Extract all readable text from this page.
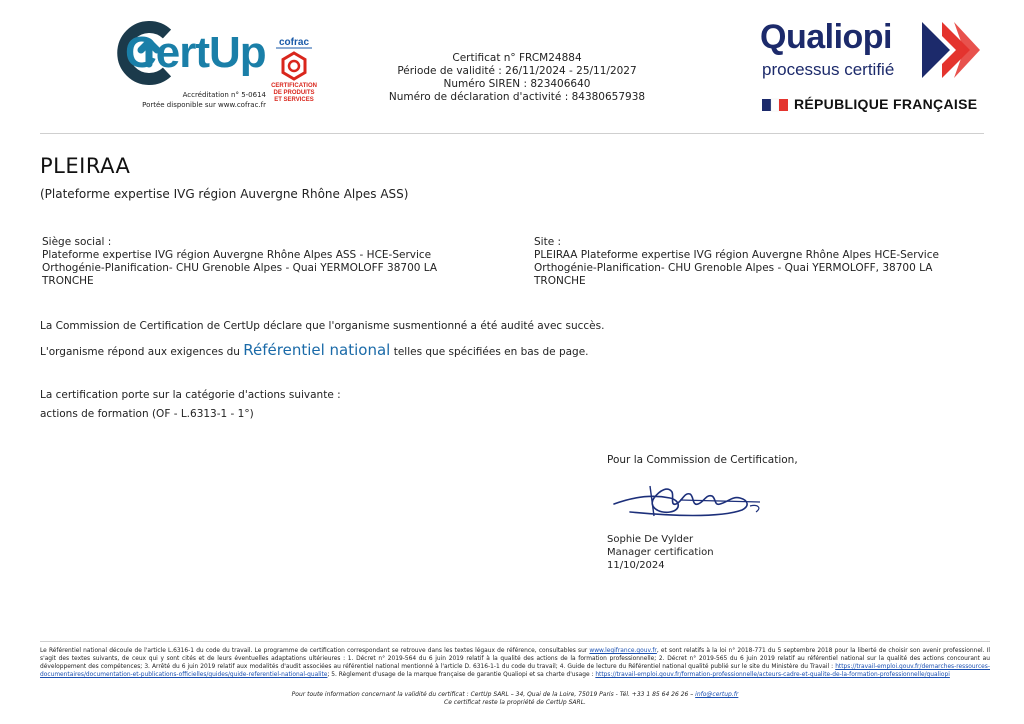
CertUp
Accréditation n° 5-0614
Portée disponible sur www.cofrac.fr
cofrac
CERTIFICATION
DE PRODUITS
ET SERVICES
Certificat n° FRCM24884
Période de validité : 26/11/2024 - 25/11/2027
Numéro SIREN : 823406640
Numéro de déclaration d'activité : 84380657938
Qualiopi
processus certifié
RÉPUBLIQUE FRANÇAISE
PLEIRAA
(Plateforme expertise IVG région Auvergne Rhône Alpes ASS)
Siège social :
Plateforme expertise IVG région Auvergne Rhône Alpes ASS - HCE-Service
Orthogénie-Planification- CHU Grenoble Alpes - Quai YERMOLOFF 38700 LA
TRONCHE
Site :
PLEIRAA Plateforme expertise IVG région Auvergne Rhône Alpes HCE-Service
Orthogénie-Planification- CHU Grenoble Alpes - Quai YERMOLOFF, 38700 LA
TRONCHE
La Commission de Certification de CertUp déclare que l'organisme susmentionné a été audité avec succès.
L'organisme répond aux exigences du Référentiel national telles que spécifiées en bas de page.
La certification porte sur la catégorie d'actions suivante :
actions de formation (OF - L.6313-1 - 1°)
Pour la Commission de Certification,
Sophie De Vylder
Manager certification
11/10/2024
Le Référentiel national découle de l'article L.6316-1 du code du travail. Le programme de certification correspondant se retrouve dans les textes légaux de référence, consultables sur www.legifrance.gouv.fr, et sont relatifs à la loi n° 2018-771 du 5 septembre 2018 pour la liberté de choisir son avenir professionnel. Il s'agit des textes suivants, de ceux qui y sont cités et de leurs éventuelles adaptations ultérieures : 1. Décret n° 2019-564 du 6 juin 2019 relatif à la qualité des actions de la formation professionnelle; 2. Décret n° 2019-565 du 6 juin 2019 relatif au référentiel national sur la qualité des actions concourant au développement des compétences; 3. Arrêté du 6 juin 2019 relatif aux modalités d'audit associées au référentiel national mentionné à l'article D. 6316-1-1 du code du travail; 4. Guide de lecture du Référentiel national qualité publié sur le site du Ministère du Travail : https://travail-emploi.gouv.fr/demarches-ressources-documentaires/documentation-et-publications-officielles/guides/guide-referentiel-national-qualite; 5. Règlement d'usage de la marque française de garantie Qualiopi et sa charte d'usage : https://travail-emploi.gouv.fr/formation-professionnelle/acteurs-cadre-et-qualite-de-la-formation-professionnelle/qualiopi
Pour toute information concernant la validité du certificat : CertUp SARL – 34, Quai de la Loire, 75019 Paris - Tél. +33 1 85 64 26 26 – info@certup.fr
Ce certificat reste la propriété de CertUp SARL.
